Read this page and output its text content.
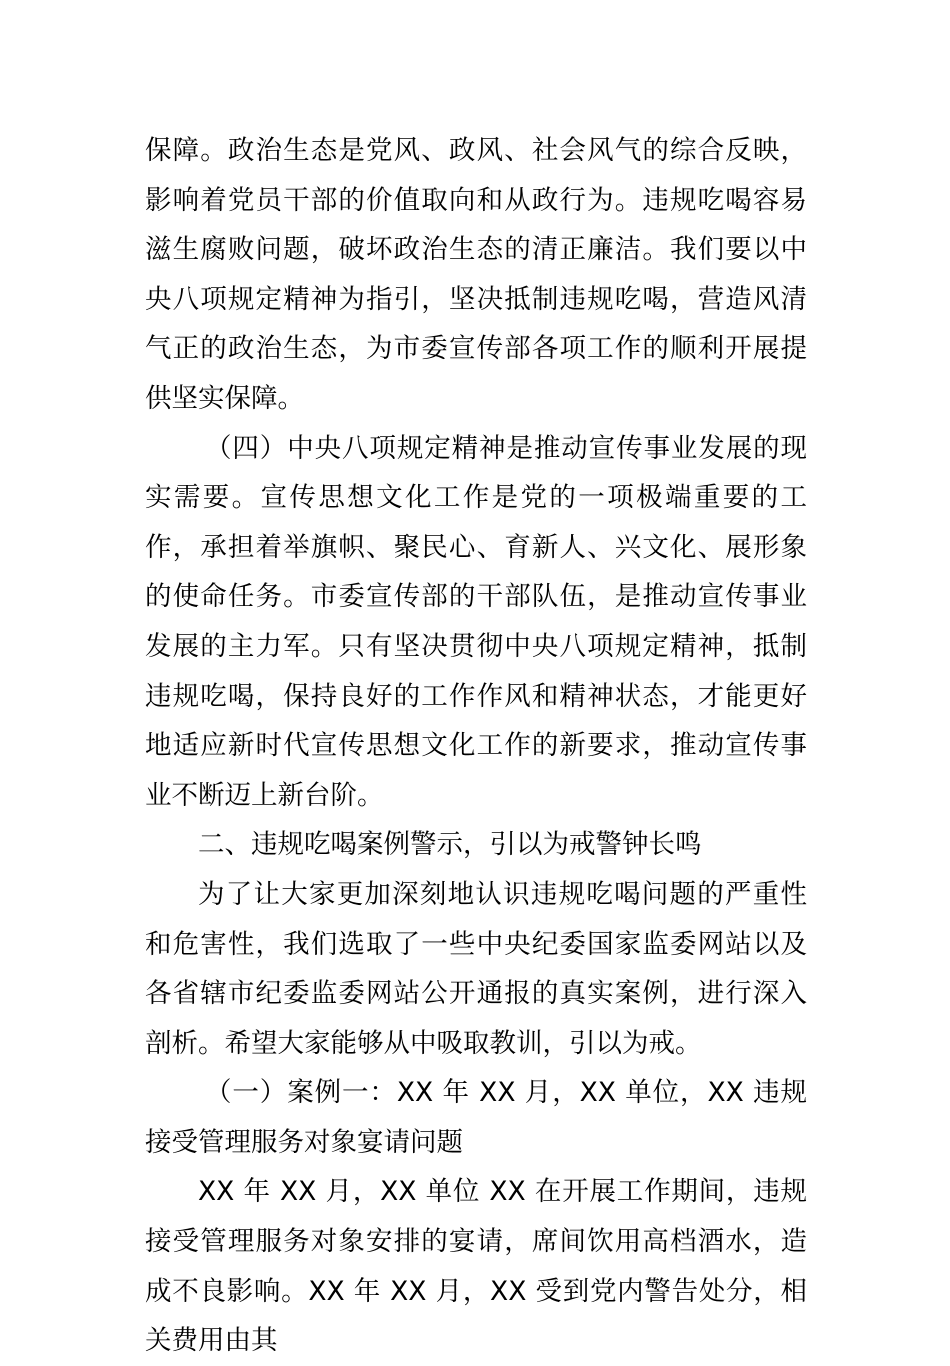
保障。政治生态是党风、政风、社会风气的综合反映，影响着党员干部的价值取向和从政行为。违规吃喝容易滋生腐败问题，破坏政治生态的清正廉洁。我们要以中央八项规定精神为指引，坚决抵制违规吃喝，营造风清气正的政治生态，为市委宣传部各项工作的顺利开展提供坚实保障。

（四）中央八项规定精神是推动宣传事业发展的现实需要。宣传思想文化工作是党的一项极端重要的工作，承担着举旗帜、聚民心、育新人、兴文化、展形象的使命任务。市委宣传部的干部队伍，是推动宣传事业发展的主力军。只有坚决贯彻中央八项规定精神，抵制违规吃喝，保持良好的工作作风和精神状态，才能更好地适应新时代宣传思想文化工作的新要求，推动宣传事业不断迈上新台阶。

二、违规吃喝案例警示，引以为戒警钟长鸣

为了让大家更加深刻地认识违规吃喝问题的严重性和危害性，我们选取了一些中央纪委国家监委网站以及各省辖市纪委监委网站公开通报的真实案例，进行深入剖析。希望大家能够从中吸取教训，引以为戒。

（一）案例一：XX 年 XX 月，XX 单位，XX 违规接受管理服务对象宴请问题

XX 年 XX 月，XX 单位 XX 在开展工作期间，违规接受管理服务对象安排的宴请，席间饮用高档酒水，造成不良影响。XX 年 XX 月，XX 受到党内警告处分，相关费用由其
